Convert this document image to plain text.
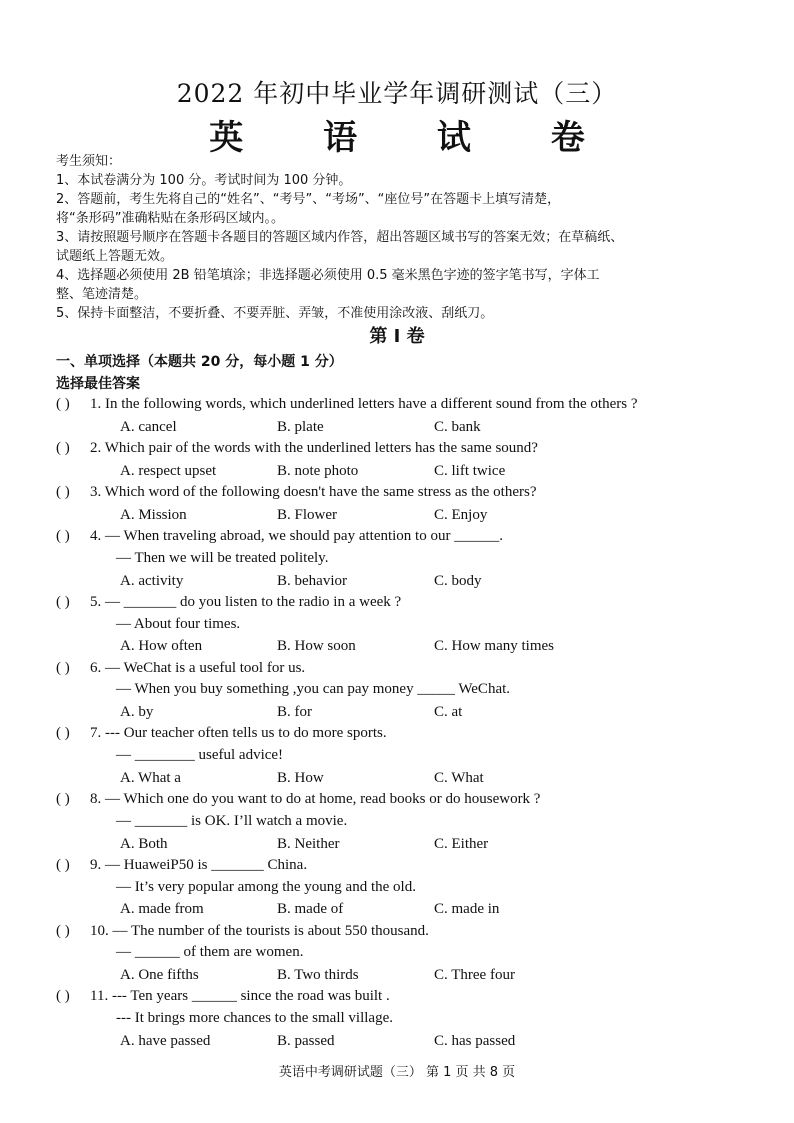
2022 年初中毕业学年调研测试（三）
英 语 试 卷
考生须知：
1、本试卷满分为 100 分。考试时间为 100 分钟。
2、答题前，考生先将自己的“姓名”、“考号”、“考场”、“座位号”在答题卡上填写清楚，
将“条形码”准确粘贴在条形码区域内。。
3、请按照题号顺序在答题卡各题目的答题区域内作答，超出答题区域书写的答案无效；在草稿纸、
试题纸上答题无效。
4、选择题必须使用 2B 铅笔填涂；非选择题必须使用 0.5 毫米黑色字迹的签字笔书写，字体工
整、笔迹清楚。
5、保持卡面整洁，不要折叠、不要弄脏、弄皱，不准使用涂改液、刮纸刀。
第 I 卷
一、单项选择（本题共 20 分，每小题 1 分）
选择最佳答案
( )	1. In the following words, which underlined letters have a different sound from the others ?
A. cancel	B. plate	C. bank
( )	2. Which pair of the words with the underlined letters has the same sound?
A. respect upset	B. note photo	C. lift twice
( )	3. Which word of the following doesn't have the same stress as the others?
A. Mission	B. Flower	C. Enjoy
( )	4. — When traveling abroad, we should pay attention to our ______.
— Then we will be treated politely.
A. activity	B. behavior	C. body
( )	5. — _______ do you listen to the radio in a week ?
— About four times.
A. How often	B. How soon	C. How many times
( )	6. — WeChat is a useful tool for us.
— When you buy something ,you can pay money _____ WeChat.
A. by	B. for	C. at
( )	7. --- Our teacher often tells us to do more sports.
— ________ useful advice!
A. What a	B. How	C. What
( )	8. — Which one do you want to do at home, read books or do housework ?
— _______ is OK. I’ll watch a movie.
A. Both	B. Neither	C. Either
( )	9. — HuaweiP50 is _______ China.
— It’s very popular among the young and the old.
A. made from	B. made of	C. made in
( )	10. — The number of the tourists is about 550 thousand.
— ______ of them are women.
A. One fifths	B. Two thirds	C. Three four
( )	11. --- Ten years ______ since the road was built .
--- It brings more chances to the small village.
A. have passed	B. passed	C. has passed
英语中考调研试题（三） 第 1 页 共 8 页
